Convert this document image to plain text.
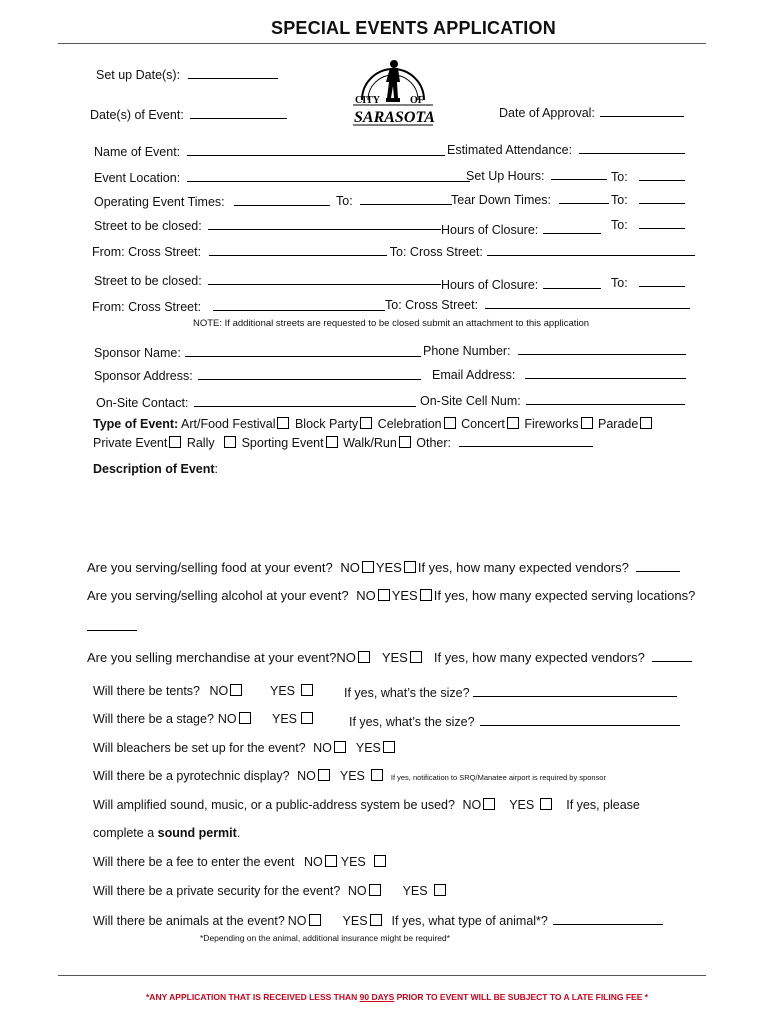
SPECIAL EVENTS APPLICATION
CITY	OF
SARASOTA
Set up Date(s):
Date(s) of Event:	Date of Approval:
Name of Event:	Estimated Attendance:
Event Location:	Set Up Hours:	To:
Operating Event Times:	To:	Tear Down Times:	To:
Street to be closed:	Hours of Closure:	To:
From: Cross Street:	To: Cross Street:
Street to be closed:	Hours of Closure:	To:
From: Cross Street:	To: Cross Street:
NOTE: If additional streets are requested to be closed submit an attachment to this application
Sponsor Name:	Phone Number:
Sponsor Address:	Email Address:
On-Site Contact:	On-Site Cell Num:
Type of Event: Art/Food Festival Block Party Celebration Concert Fireworks Parade
Private Event Rally Sporting Event Walk/Run Other:
Description of Event:
Are you serving/selling food at your event? NO YES If yes, how many expected vendors?
Are you serving/selling alcohol at your event? NO YES If yes, how many expected serving locations?
Are you selling merchandise at your event?NO YES If yes, how many expected vendors?
Will there be tents? NO	YES	If yes, what’s the size?
Will there be a stage? NO	YES	If yes, what’s the size?
Will bleachers be set up for the event? NO YES
Will there be a pyrotechnic display? NO YES	If yes, notification to SRQ/Manatee airport is required by sponsor
Will amplified sound, music, or a public-address system be used? NO YES	If yes, please
complete a sound permit.
Will there be a fee to enter the event NO YES
Will there be a private security for the event? NO	YES
Will there be animals at the event? NO	YES If yes, what type of animal*?
*Depending on the animal, additional insurance might be required*
*ANY APPLICATION THAT IS RECEIVED LESS THAN 90 DAYS PRIOR TO EVENT WILL BE SUBJECT TO A LATE FILING FEE *
